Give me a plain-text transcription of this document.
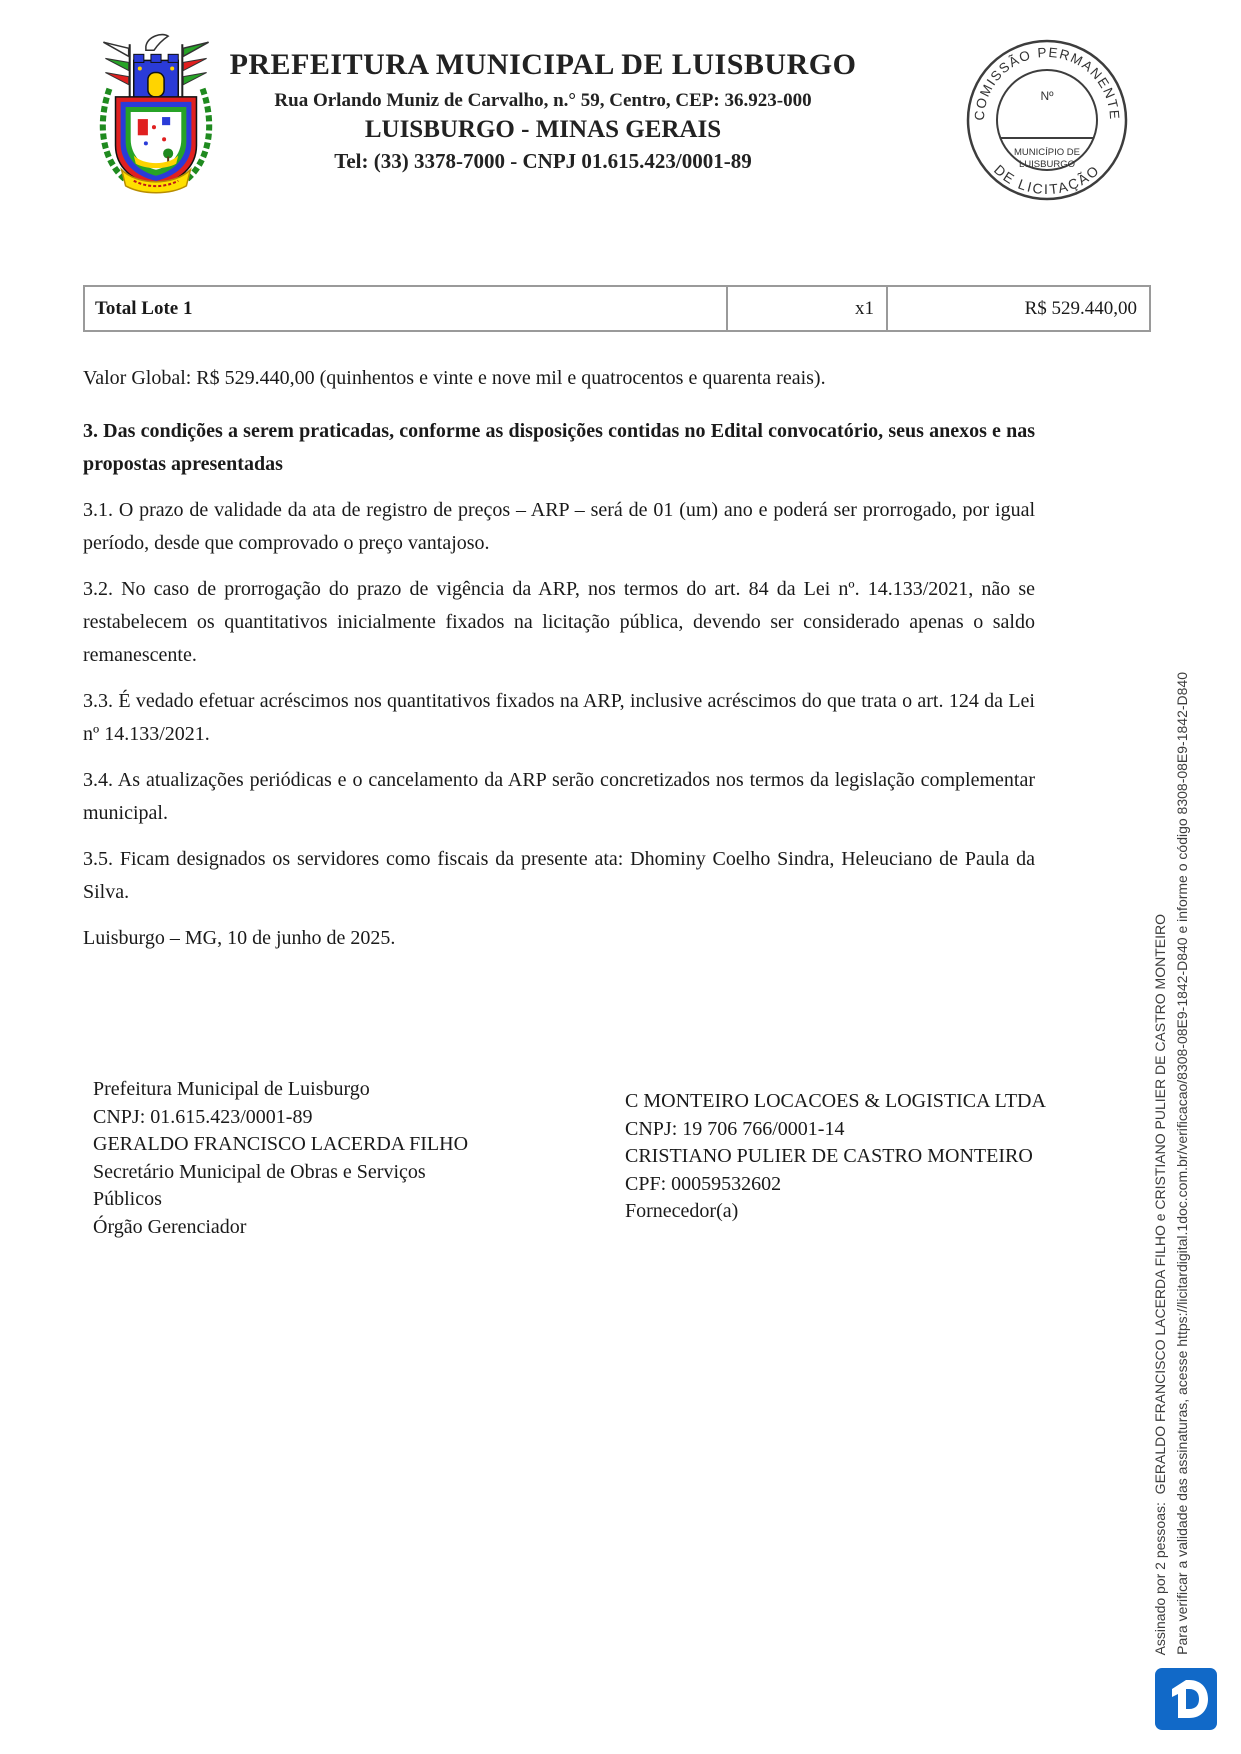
PREFEITURA MUNICIPAL DE LUISBURGO
Rua Orlando Muniz de Carvalho, n.° 59, Centro, CEP: 36.923-000
LUISBURGO - MINAS GERAIS
Tel: (33) 3378-7000 - CNPJ 01.615.423/0001-89
COMISSÃO PERMANENTE
DE LICITAÇÃO
Nº
MUNICÍPIO DE
LUISBURGO
Total Lote 1	x1	R$ 529.440,00

Valor Global: R$ 529.440,00 (quinhentos e vinte e nove mil e quatrocentos e quarenta reais).

3. Das condições a serem praticadas, conforme as disposições contidas no Edital convocatório, seus anexos e nas propostas apresentadas

3.1. O prazo de validade da ata de registro de preços – ARP – será de 01 (um) ano e poderá ser prorrogado, por igual período, desde que comprovado o preço vantajoso.

3.2. No caso de prorrogação do prazo de vigência da ARP, nos termos do art. 84 da Lei nº. 14.133/2021, não se restabelecem os quantitativos inicialmente fixados na licitação pública, devendo ser considerado apenas o saldo remanescente.

3.3. É vedado efetuar acréscimos nos quantitativos fixados na ARP, inclusive acréscimos do que trata o art. 124 da Lei nº 14.133/2021.

3.4. As atualizações periódicas e o cancelamento da ARP serão concretizados nos termos da legislação complementar municipal.

3.5. Ficam designados os servidores como fiscais da presente ata: Dhominy Coelho Sindra, Heleuciano de Paula da Silva.

Luisburgo – MG, 10 de junho de 2025.

Prefeitura Municipal de Luisburgo
CNPJ: 01.615.423/0001-89
GERALDO FRANCISCO LACERDA FILHO
Secretário Municipal de Obras e Serviços
Públicos
Órgão Gerenciador
C MONTEIRO LOCACOES & LOGISTICA LTDA
CNPJ: 19 706 766/0001-14
CRISTIANO PULIER DE CASTRO MONTEIRO
CPF: 00059532602
Fornecedor(a)	Assinado por 2 pessoas:  GERALDO FRANCISCO LACERDA FILHO e CRISTIANO PULIER DE CASTRO MONTEIRO Para verificar a validade das assinaturas, acesse https://licitardigital.1doc.com.br/verificacao/8308-08E9-1842-D840 e informe o código 8308-08E9-1842-D840
